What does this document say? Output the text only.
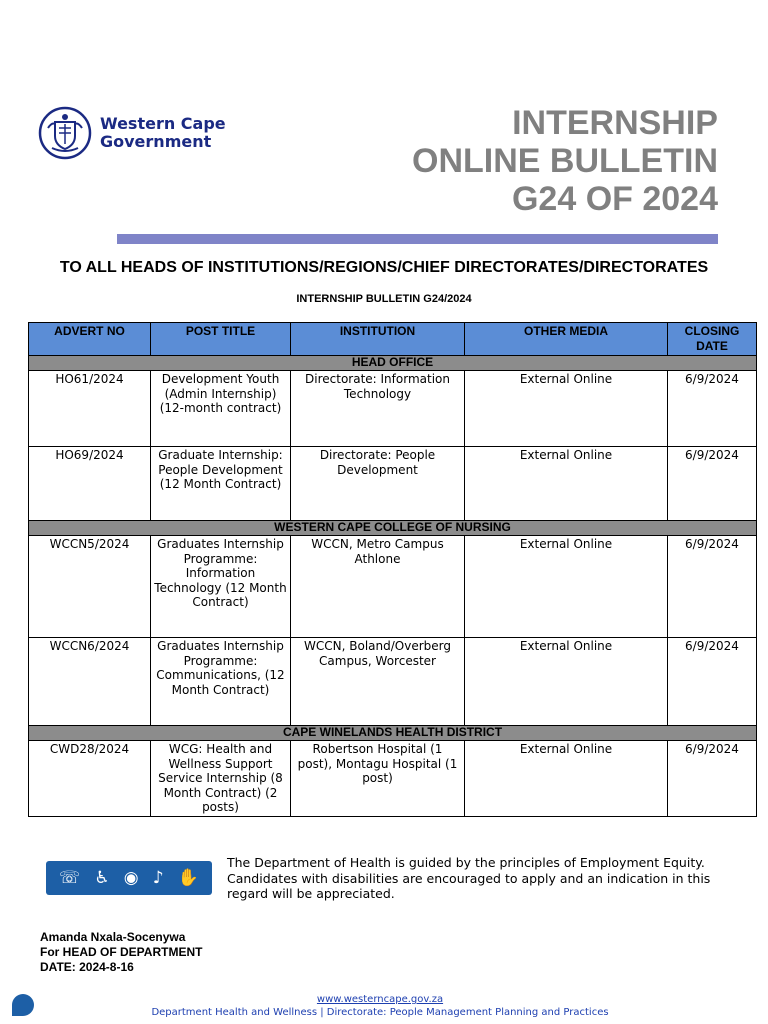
Western Cape
Government	INTERNSHIP
ONLINE BULLETIN
G24 OF 2024
TO ALL HEADS OF INSTITUTIONS/REGIONS/CHIEF DIRECTORATES/DIRECTORATES
INTERNSHIP BULLETIN G24/2024
ADVERT NO	POST TITLE	INSTITUTION	OTHER MEDIA	CLOSING DATE
HEAD OFFICE				
HO61/2024	Development Youth (Admin Internship) (12-month contract)	Directorate: Information Technology	External Online	6/9/2024
HO69/2024	Graduate Internship: People Development (12 Month Contract)	Directorate: People Development	External Online	6/9/2024
WESTERN CAPE COLLEGE OF NURSING				
WCCN5/2024	Graduates Internship Programme: Information Technology (12 Month Contract)	WCCN, Metro Campus Athlone	External Online	6/9/2024
WCCN6/2024	Graduates Internship Programme: Communications, (12 Month Contract)	WCCN, Boland/Overberg Campus, Worcester	External Online	6/9/2024
CAPE WINELANDS HEALTH DISTRICT				
CWD28/2024	WCG: Health and Wellness Support Service Internship (8 Month Contract) (2 posts)	Robertson Hospital (1 post), Montagu Hospital (1 post)	External Online	6/9/2024
☏ ♿ ◉ ♪ ✋
The Department of Health is guided by the principles of Employment Equity. Candidates with disabilities are encouraged to apply and an indication in this regard will be appreciated.
Amanda Nxala-Socenywa
For HEAD OF DEPARTMENT
DATE: 2024-8-16
www.westerncape.gov.za
Department Health and Wellness | Directorate: People Management Planning and Practices
